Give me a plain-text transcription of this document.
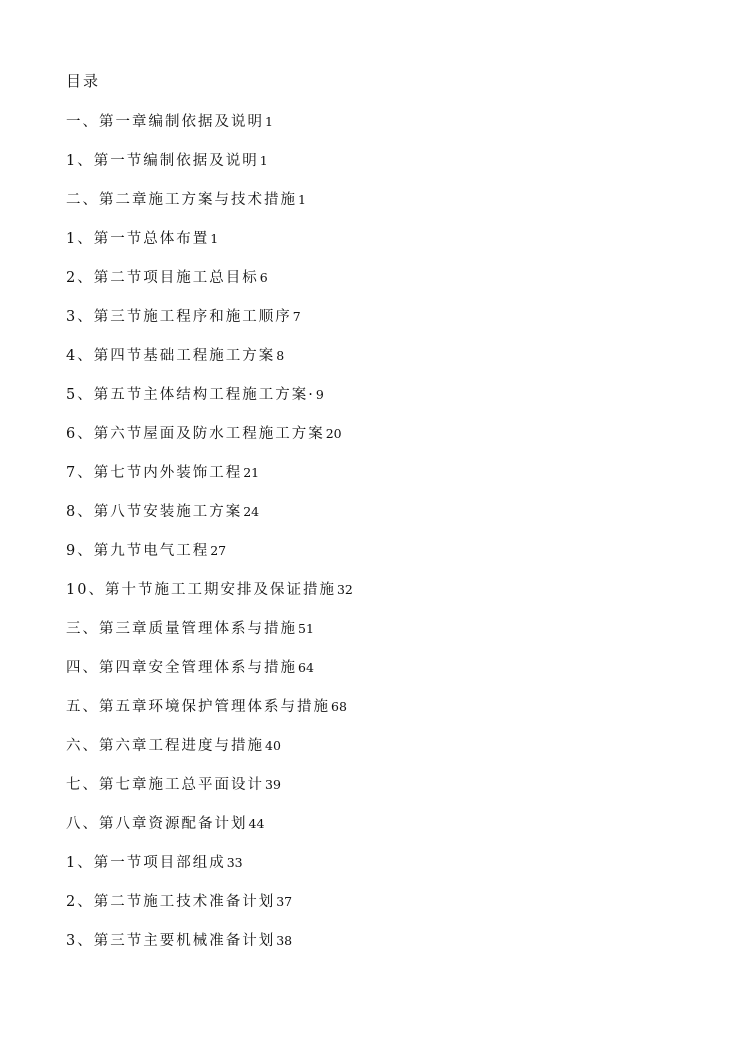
目录
一、第一章编制依据及说明1
1、第一节编制依据及说明1
二、第二章施工方案与技术措施1
1、第一节总体布置1
2、第二节项目施工总目标6
3、第三节施工程序和施工顺序7
4、第四节基础工程施工方案8
5、第五节主体结构工程施工方案·9
6、第六节屋面及防水工程施工方案20
7、第七节内外装饰工程21
8、第八节安装施工方案24
9、第九节电气工程27
10、第十节施工工期安排及保证措施32
三、第三章质量管理体系与措施51
四、第四章安全管理体系与措施64
五、第五章环境保护管理体系与措施68
六、第六章工程进度与措施40
七、第七章施工总平面设计39
八、第八章资源配备计划44
1、第一节项目部组成33
2、第二节施工技术准备计划37
3、第三节主要机械准备计划38
